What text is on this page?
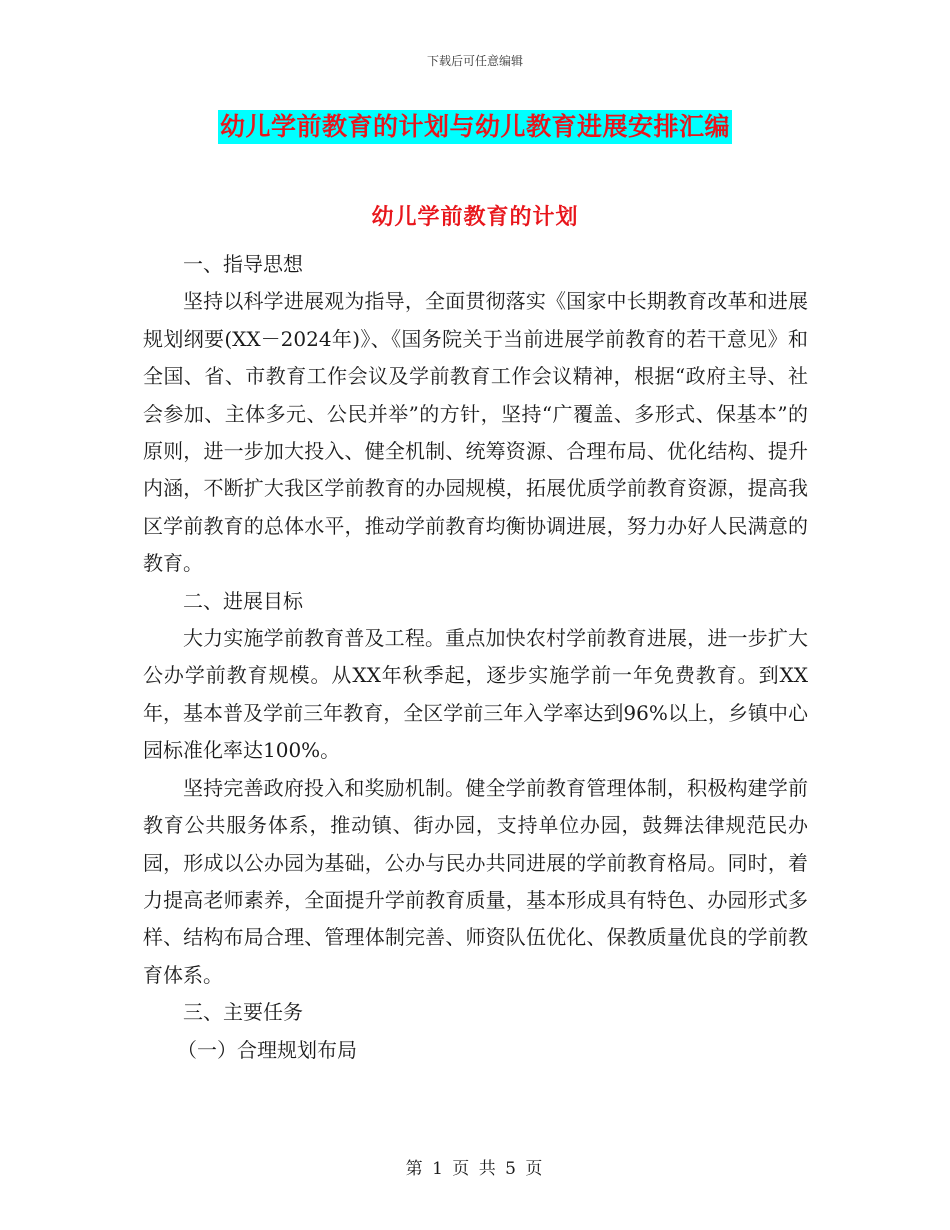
下载后可任意编辑
幼儿学前教育的计划与幼儿教育进展安排汇编
幼儿学前教育的计划

一、指导思想

坚持以科学进展观为指导，全面贯彻落实《国家中长期教育改革和进展规划纲要(XX－2024年)》、《国务院关于当前进展学前教育的若干意见》和全国、省、市教育工作会议及学前教育工作会议精神，根据“政府主导、社会参加、主体多元、公民并举”的方针，坚持“广覆盖、多形式、保基本”的原则，进一步加大投入、健全机制、统筹资源、合理布局、优化结构、提升内涵，不断扩大我区学前教育的办园规模，拓展优质学前教育资源，提高我区学前教育的总体水平，推动学前教育均衡协调进展，努力办好人民满意的教育。

二、进展目标

大力实施学前教育普及工程。重点加快农村学前教育进展，进一步扩大公办学前教育规模。从XX年秋季起，逐步实施学前一年免费教育。到XX年，基本普及学前三年教育，全区学前三年入学率达到96%以上，乡镇中心园标准化率达100%。

坚持完善政府投入和奖励机制。健全学前教育管理体制，积极构建学前教育公共服务体系，推动镇、街办园，支持单位办园，鼓舞法律规范民办园，形成以公办园为基础，公办与民办共同进展的学前教育格局。同时，着力提高老师素养，全面提升学前教育质量，基本形成具有特色、办园形式多样、结构布局合理、管理体制完善、师资队伍优化、保教质量优良的学前教育体系。

三、主要任务

（一）合理规划布局

第 1 页 共 5 页
